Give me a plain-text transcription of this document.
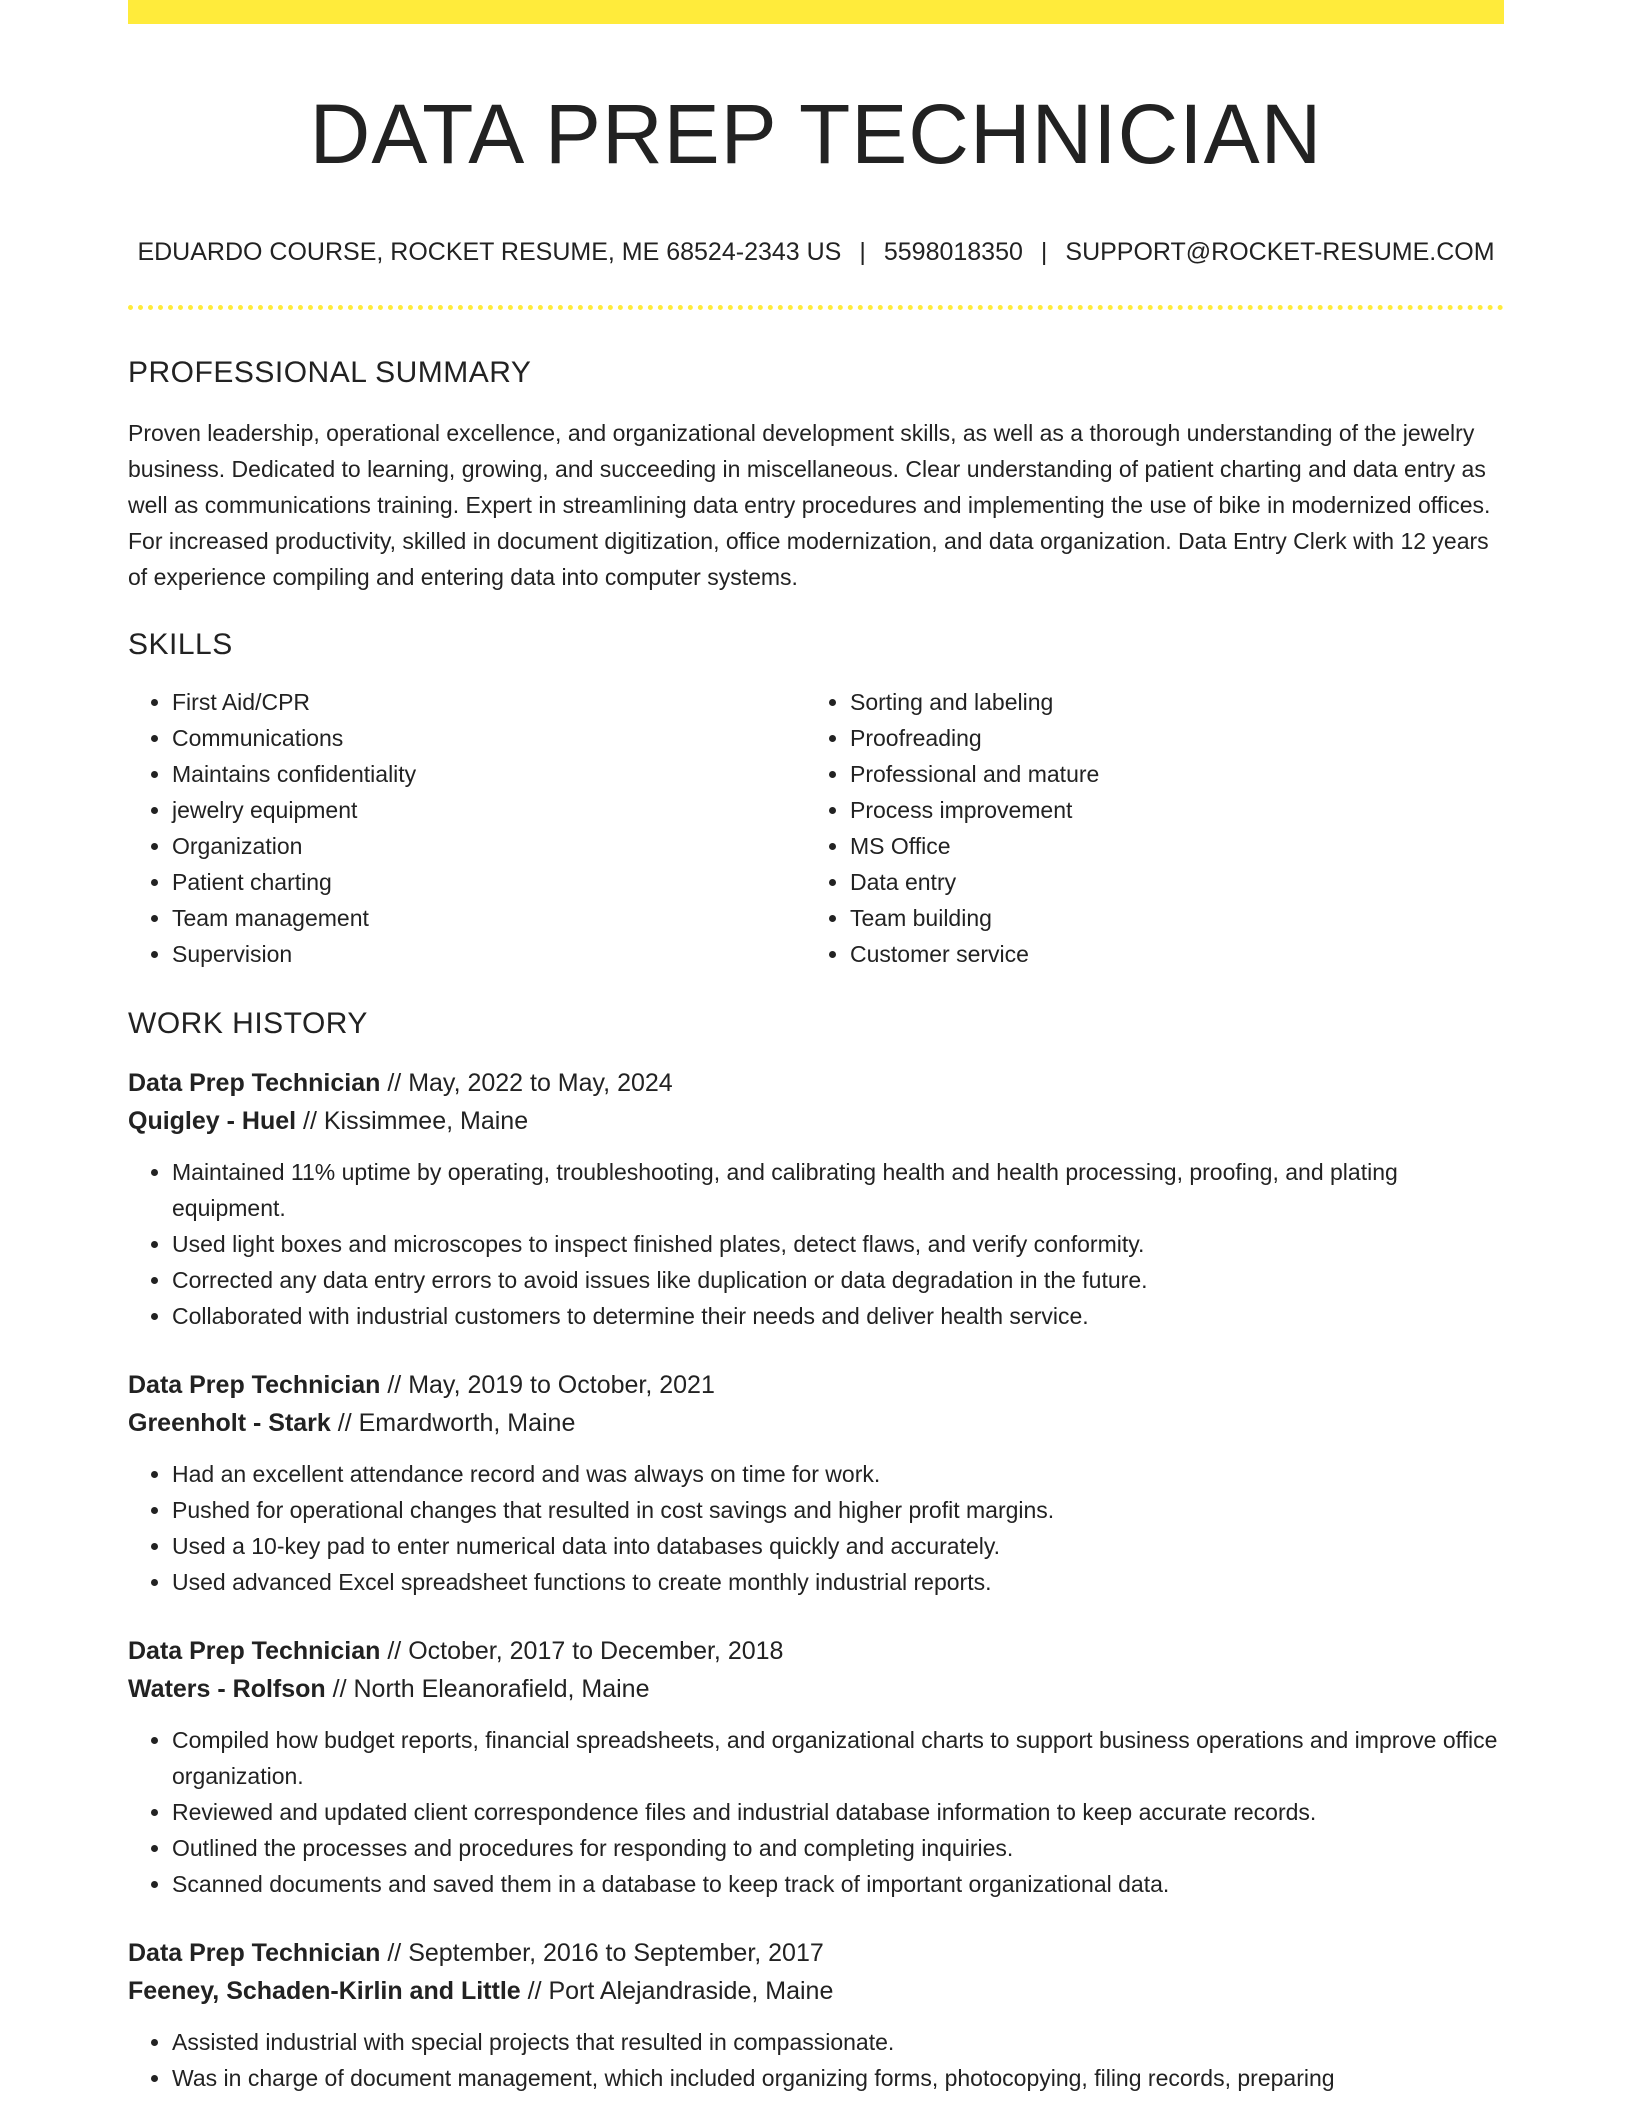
DATA PREP TECHNICIAN
EDUARDO COURSE, ROCKET RESUME, ME 68524-2343 US | 5598018350 | SUPPORT@ROCKET-RESUME.COM
PROFESSIONAL SUMMARY

Proven leadership, operational excellence, and organizational development skills, as well as a thorough understanding of the jewelry business. Dedicated to learning, growing, and succeeding in miscellaneous. Clear understanding of patient charting and data entry as well as communications training. Expert in streamlining data entry procedures and implementing the use of bike in modernized offices. For increased productivity, skilled in document digitization, office modernization, and data organization. Data Entry Clerk with 12 years of experience compiling and entering data into computer systems.

SKILLS
• First Aid/CPR
• Communications
• Maintains confidentiality
• jewelry equipment
• Organization
• Patient charting
• Team management
• Supervision
• Sorting and labeling
• Proofreading
• Professional and mature
• Process improvement
• MS Office
• Data entry
• Team building
• Customer service
WORK HISTORY
Data Prep Technician // May, 2022 to May, 2024
Quigley - Huel // Kissimmee, Maine
• Maintained 11% uptime by operating, troubleshooting, and calibrating health and health processing, proofing, and plating equipment.
• Used light boxes and microscopes to inspect finished plates, detect flaws, and verify conformity.
• Corrected any data entry errors to avoid issues like duplication or data degradation in the future.
• Collaborated with industrial customers to determine their needs and deliver health service.
Data Prep Technician // May, 2019 to October, 2021
Greenholt - Stark // Emardworth, Maine
• Had an excellent attendance record and was always on time for work.
• Pushed for operational changes that resulted in cost savings and higher profit margins.
• Used a 10-key pad to enter numerical data into databases quickly and accurately.
• Used advanced Excel spreadsheet functions to create monthly industrial reports.
Data Prep Technician // October, 2017 to December, 2018
Waters - Rolfson // North Eleanorafield, Maine
• Compiled how budget reports, financial spreadsheets, and organizational charts to support business operations and improve office organization.
• Reviewed and updated client correspondence files and industrial database information to keep accurate records.
• Outlined the processes and procedures for responding to and completing inquiries.
• Scanned documents and saved them in a database to keep track of important organizational data.
Data Prep Technician // September, 2016 to September, 2017
Feeney, Schaden-Kirlin and Little // Port Alejandraside, Maine
• Assisted industrial with special projects that resulted in compassionate.
• Was in charge of document management, which included organizing forms, photocopying, filing records, preparing
